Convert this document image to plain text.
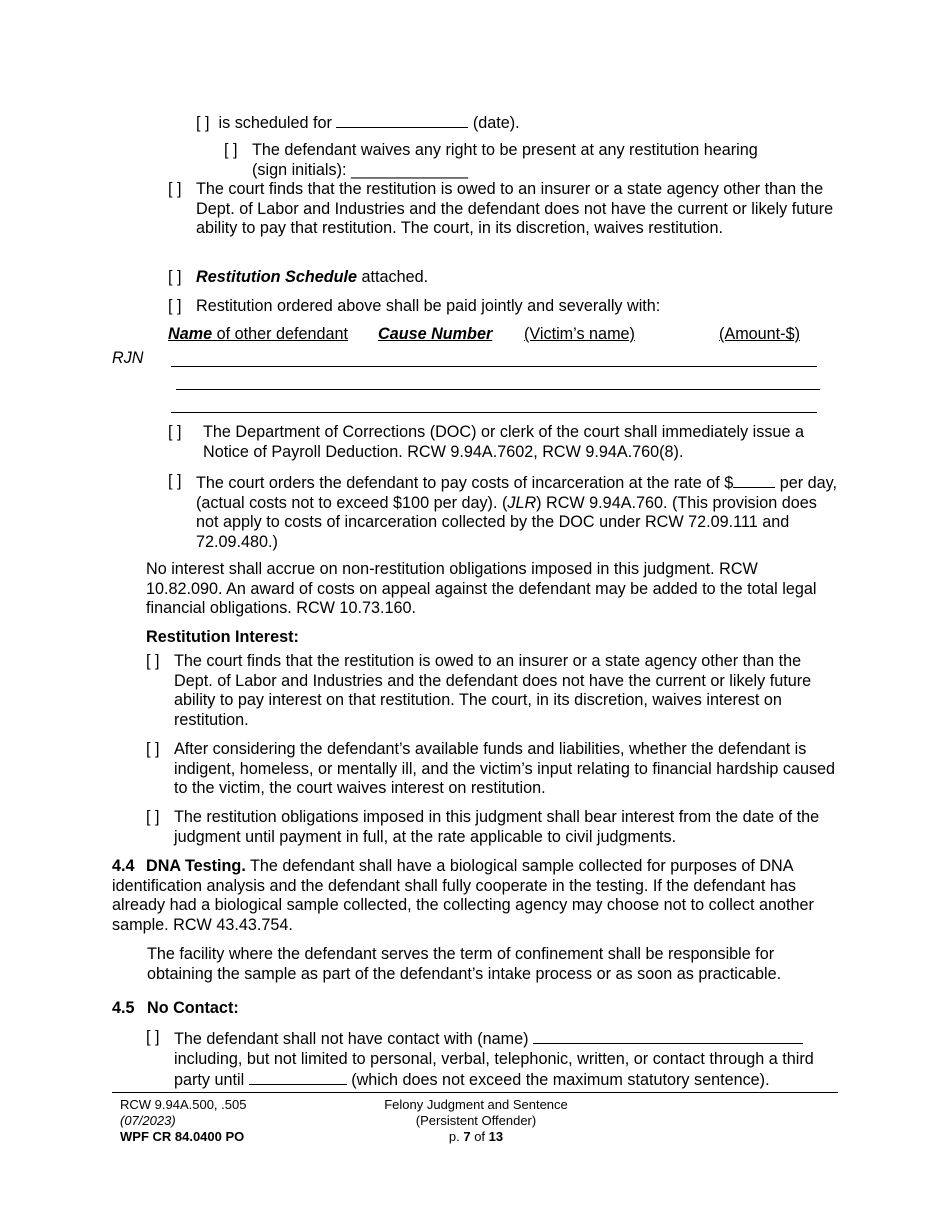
[ ] is scheduled for	(date).
[ ] The defendant waives any right to be present at any restitution hearing
(sign initials): _____________
[ ] The court finds that the restitution is owed to an insurer or a state agency other than the Dept. of Labor and Industries and the defendant does not have the current or likely future ability to pay that restitution. The court, in its discretion, waives restitution.
[ ] Restitution Schedule attached.
[ ] Restitution ordered above shall be paid jointly and severally with:
Name of other defendant Cause Number (Victim’s name)	(Amount-$)
RJN
[ ]	The Department of Corrections (DOC) or clerk of the court shall immediately issue a Notice of Payroll Deduction. RCW 9.94A.7602, RCW 9.94A.760(8).
[ ] The court orders the defendant to pay costs of incarceration at the rate of $	per day, (actual costs not to exceed $100 per day). (JLR) RCW 9.94A.760. (This provision does not apply to costs of incarceration collected by the DOC under RCW 72.09.111 and 72.09.480.)
No interest shall accrue on non-restitution obligations imposed in this judgment. RCW 10.82.090. An award of costs on appeal against the defendant may be added to the total legal financial obligations. RCW 10.73.160.
Restitution Interest:
[ ] The court finds that the restitution is owed to an insurer or a state agency other than the Dept. of Labor and Industries and the defendant does not have the current or likely future ability to pay interest on that restitution. The court, in its discretion, waives interest on restitution.
[ ] After considering the defendant’s available funds and liabilities, whether the defendant is indigent, homeless, or mentally ill, and the victim’s input relating to financial hardship caused to the victim, the court waives interest on restitution.
[ ] The restitution obligations imposed in this judgment shall bear interest from the date of the judgment until payment in full, at the rate applicable to civil judgments.
4.4 DNA Testing. The defendant shall have a biological sample collected for purposes of DNA identification analysis and the defendant shall fully cooperate in the testing. If the defendant has already had a biological sample collected, the collecting agency may choose not to collect another sample. RCW 43.43.754.
The facility where the defendant serves the term of confinement shall be responsible for obtaining the sample as part of the defendant’s intake process or as soon as practicable.
4.5 No Contact:
[ ] The defendant shall not have contact with (name)  including, but not limited to personal, verbal, telephonic, written, or contact through a third party until	(which does not exceed the maximum statutory sentence).
RCW 9.94A.500, .505
(07/2023)
WPF CR 84.0400 PO
Felony Judgment and Sentence
(Persistent Offender)
p. 7 of 13
